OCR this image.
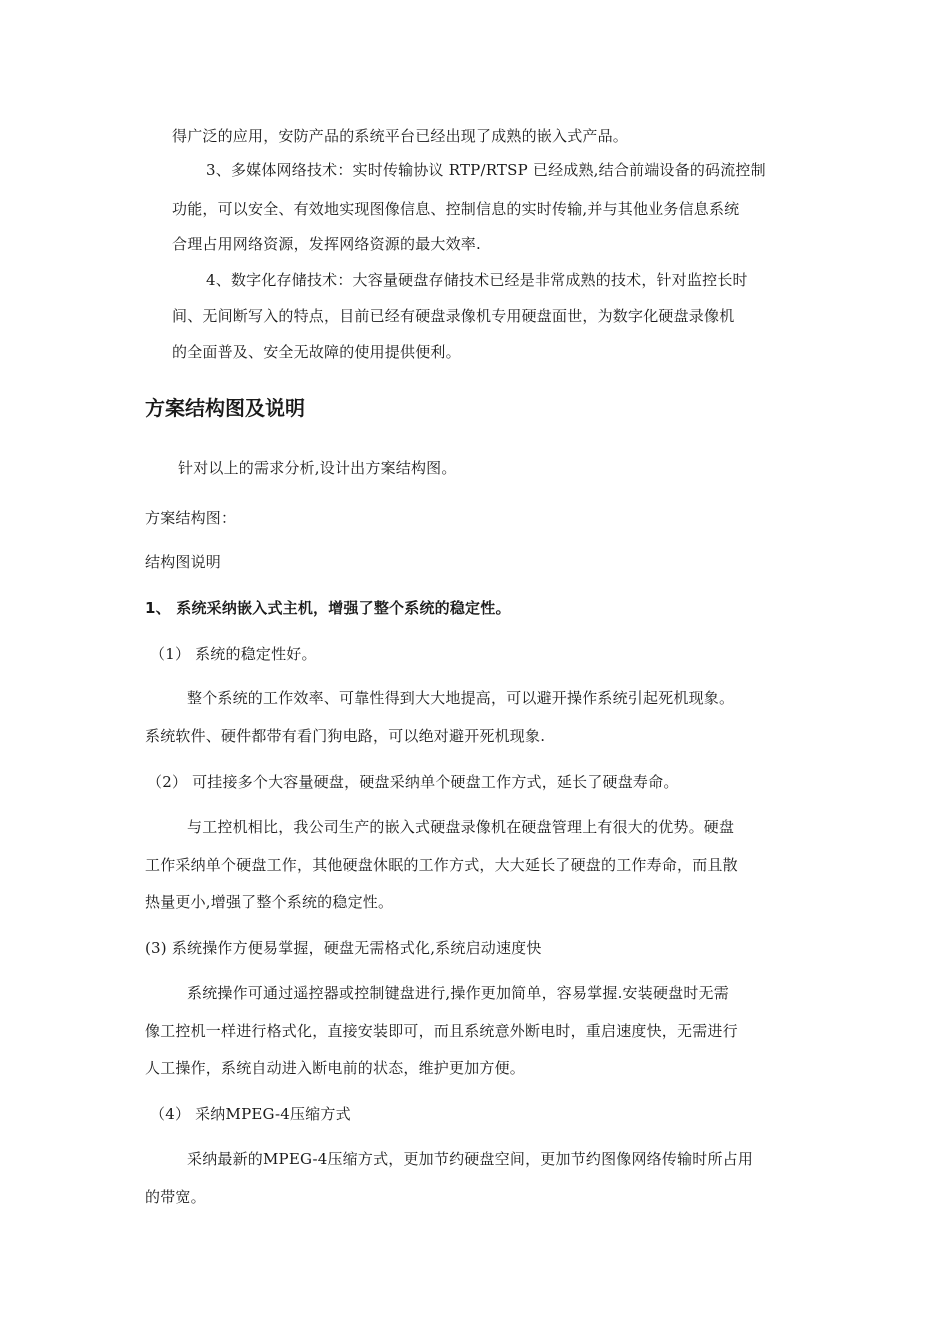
得广泛的应用，安防产品的系统平台已经出现了成熟的嵌入式产品。
3、多媒体网络技术：实时传输协议 RTP/RTSP 已经成熟,结合前端设备的码流控制
功能，可以安全、有效地实现图像信息、控制信息的实时传输,并与其他业务信息系统
合理占用网络资源，发挥网络资源的最大效率.
4、数字化存储技术：大容量硬盘存储技术已经是非常成熟的技术，针对监控长时
间、无间断写入的特点，目前已经有硬盘录像机专用硬盘面世，为数字化硬盘录像机
的全面普及、安全无故障的使用提供便利。
方案结构图及说明
针对以上的需求分析,设计出方案结构图。
方案结构图：
结构图说明
1、 系统采纳嵌入式主机，增强了整个系统的稳定性。
（1） 系统的稳定性好。
整个系统的工作效率、可靠性得到大大地提高，可以避开操作系统引起死机现象。
系统软件、硬件都带有看门狗电路，可以绝对避开死机现象.
（2） 可挂接多个大容量硬盘，硬盘采纳单个硬盘工作方式，延长了硬盘寿命。
与工控机相比，我公司生产的嵌入式硬盘录像机在硬盘管理上有很大的优势。硬盘
工作采纳单个硬盘工作，其他硬盘休眠的工作方式，大大延长了硬盘的工作寿命，而且散
热量更小,增强了整个系统的稳定性。
(3) 系统操作方便易掌握，硬盘无需格式化,系统启动速度快
系统操作可通过遥控器或控制键盘进行,操作更加简单，容易掌握.安装硬盘时无需
像工控机一样进行格式化，直接安装即可，而且系统意外断电时，重启速度快，无需进行
人工操作，系统自动进入断电前的状态，维护更加方便。
（4） 采纳MPEG-4压缩方式
采纳最新的MPEG-4压缩方式，更加节约硬盘空间，更加节约图像网络传输时所占用
的带宽。
